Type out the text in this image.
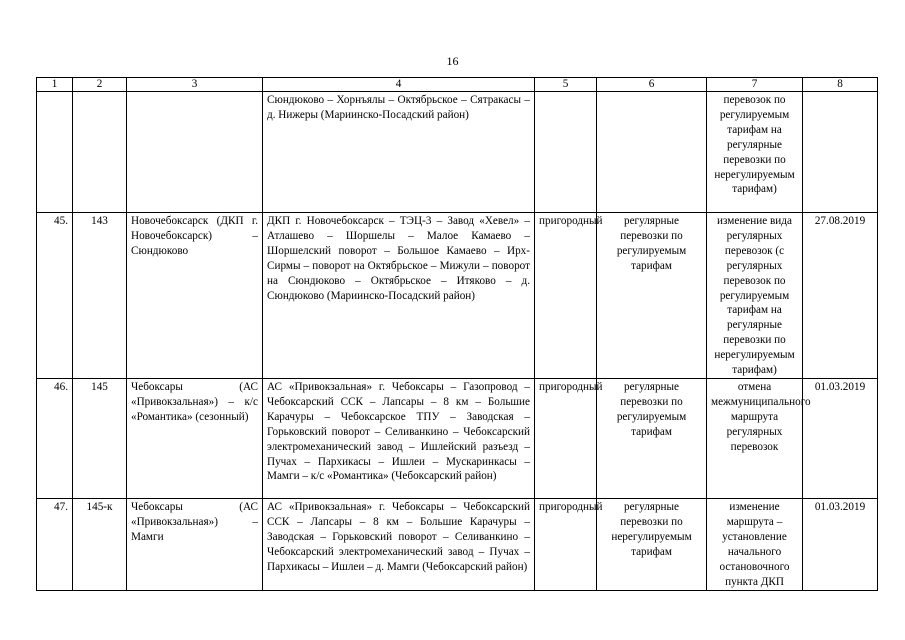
16
1	2	3	4	5	6	7	8
			Сюндюково – Хорнъялы – Октябрьское – Сятракасы – д. Нижеры (Мариинско-Посадский район)			перевозок по регулируемым тарифам на регулярные перевозки по нерегулируемым тарифам)	
45.	143	Новочебоксарск (ДКП г. Новочебоксарск) – Сюндюково	ДКП г. Новочебоксарск – ТЭЦ-3 – Завод «Хевел» – Атлашево – Шоршелы – Малое Камаево – Шоршелский поворот – Большое Камаево – Ирх-Сирмы – поворот на Октябрьское – Мижули – поворот на Сюндюково – Октябрьское – Итяково – д. Сюндюково (Мариинско-Посадский район)	пригородный	регулярные перевозки по регулируемым тарифам	изменение вида регулярных перевозок (с регулярных перевозок по регулируемым тарифам на регулярные перевозки по нерегулируемым тарифам)	27.08.2019
46.	145	Чебоксары (АС «Привокзальная») – к/с «Романтика» (сезонный)	АС «Привокзальная» г. Чебоксары – Газопровод – Чебоксарский ССК – Лапсары – 8 км – Большие Карачуры – Чебоксарское ТПУ – Заводская – Горьковский поворот – Селиванкино – Чебоксарский электромеханический завод – Ишлейский разъезд – Пучах – Пархикасы – Ишлеи – Мускаринкасы – Мамги – к/с «Романтика» (Чебоксарский район)	пригородный	регулярные перевозки по регулируемым тарифам	отмена межмуниципального маршрута регулярных перевозок	01.03.2019
47.	145-к	Чебоксары (АС «Привокзальная») – Мамги	АС «Привокзальная» г. Чебоксары – Чебоксарский ССК – Лапсары – 8 км – Большие Карачуры – Заводская – Горьковский поворот – Селиванкино – Чебоксарский электромеханический завод – Пучах – Пархикасы – Ишлеи – д. Мамги (Чебоксарский район)	пригородный	регулярные перевозки по нерегулируемым тарифам	изменение маршрута – установление начального остановочного пункта ДКП	01.03.2019
